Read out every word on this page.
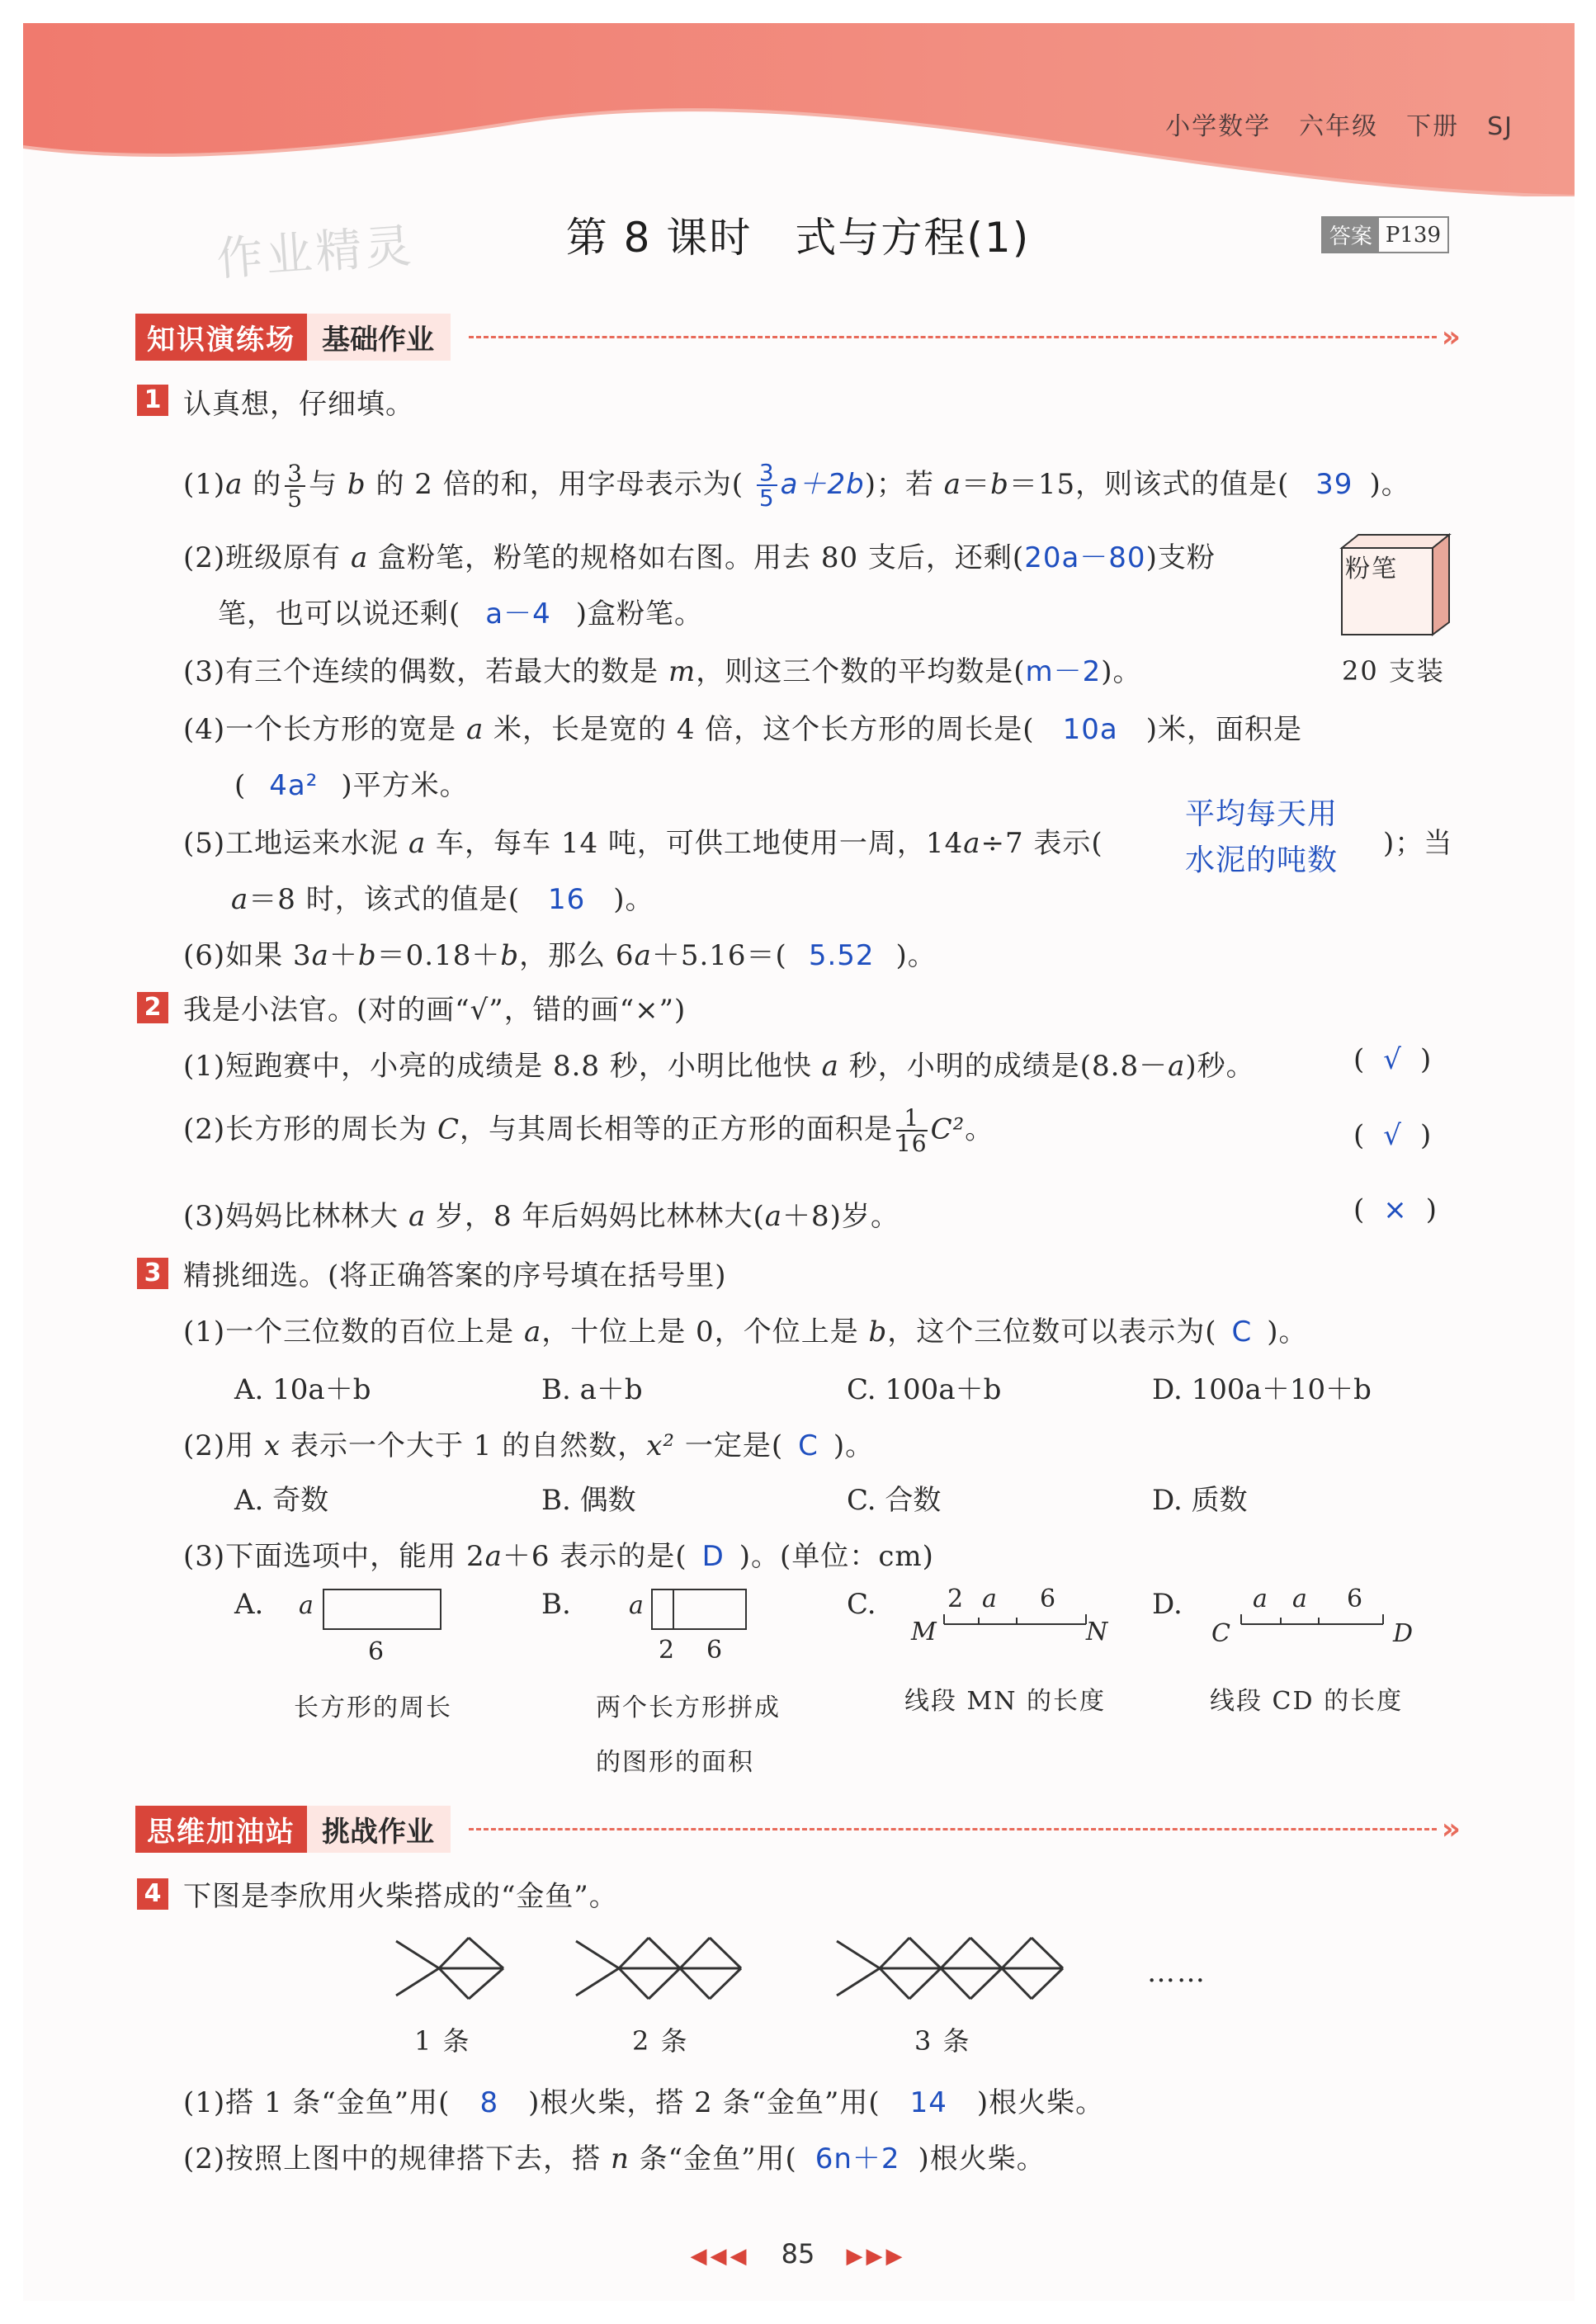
小学数学 六年级 下册 SJ
作业精灵	第 8 课时　式与方程(1)	答案 P139
知识演练场 基础作业	»
1 认真想，仔细填。
(1)a 的 $\frac{3}{5}$ 与 b 的 2 倍的和，用字母表示为( $\frac{3}{5} a+2b$)；若 a＝b＝15，则该式的值是( 39 )。
(2)班级原有 a 盒粉笔，粉笔的规格如右图。用去 80 支后，还剩(20a－80)支粉
笔，也可以说还剩( a－4 )盒粉笔。
粉笔
20 支装
(3)有三个连续的偶数，若最大的数是 m，则这三个数的平均数是(m－2)。
(4)一个长方形的宽是 a 米，长是宽的 4 倍，这个长方形的周长是( 10a )米，面积是
( 4a² )平方米。
(5)工地运来水泥 a 车，每车 14 吨，可供工地使用一周，14a÷7 表示(
平均每天用
水泥的吨数 )；当
a＝8 时，该式的值是( 16 )。
(6)如果 3a＋b＝0.18＋b，那么 6a＋5.16＝( 5.52 )。
2 我是小法官。(对的画“√”，错的画“×”)
(1)短跑赛中，小亮的成绩是 8.8 秒，小明比他快 a 秒，小明的成绩是(8.8－a)秒。	( √ )
(2)长方形的周长为 C，与其周长相等的正方形的面积是 $\frac{1}{16} C^2$。	( √ )
(3)妈妈比林林大 a 岁，8 年后妈妈比林林大(a＋8)岁。	( × )
3 精挑细选。(将正确答案的序号填在括号里)
(1)一个三位数的百位上是 a，十位上是 0，个位上是 b，这个三位数可以表示为( C )。
A. 10a＋b	B. a＋b	C. 100a＋b	D. 100a＋10＋b
(2)用 x 表示一个大于 1 的自然数，x² 一定是( C )。
A. 奇数	B. 偶数	C. 合数	D. 质数
(3)下面选项中，能用 2a＋6 表示的是( D )。(单位：cm)
A.	B.	C.	D.
a
6
a
2 6
2 a 6
M	N
a a 6
C	D
长方形的周长	两个长方形拼成
的图形的面积
线段 MN 的长度	线段 CD 的长度
思维加油站 挑战作业	»
4 下图是李欣用火柴搭成的“金鱼”。
……
1 条	2 条	3 条
(1)搭 1 条“金鱼”用( 8 )根火柴，搭 2 条“金鱼”用( 14 )根火柴。
(2)按照上图中的规律搭下去，搭 n 条“金鱼”用( 6n＋2 )根火柴。
◀◀◀ 85 ▶▶▶
